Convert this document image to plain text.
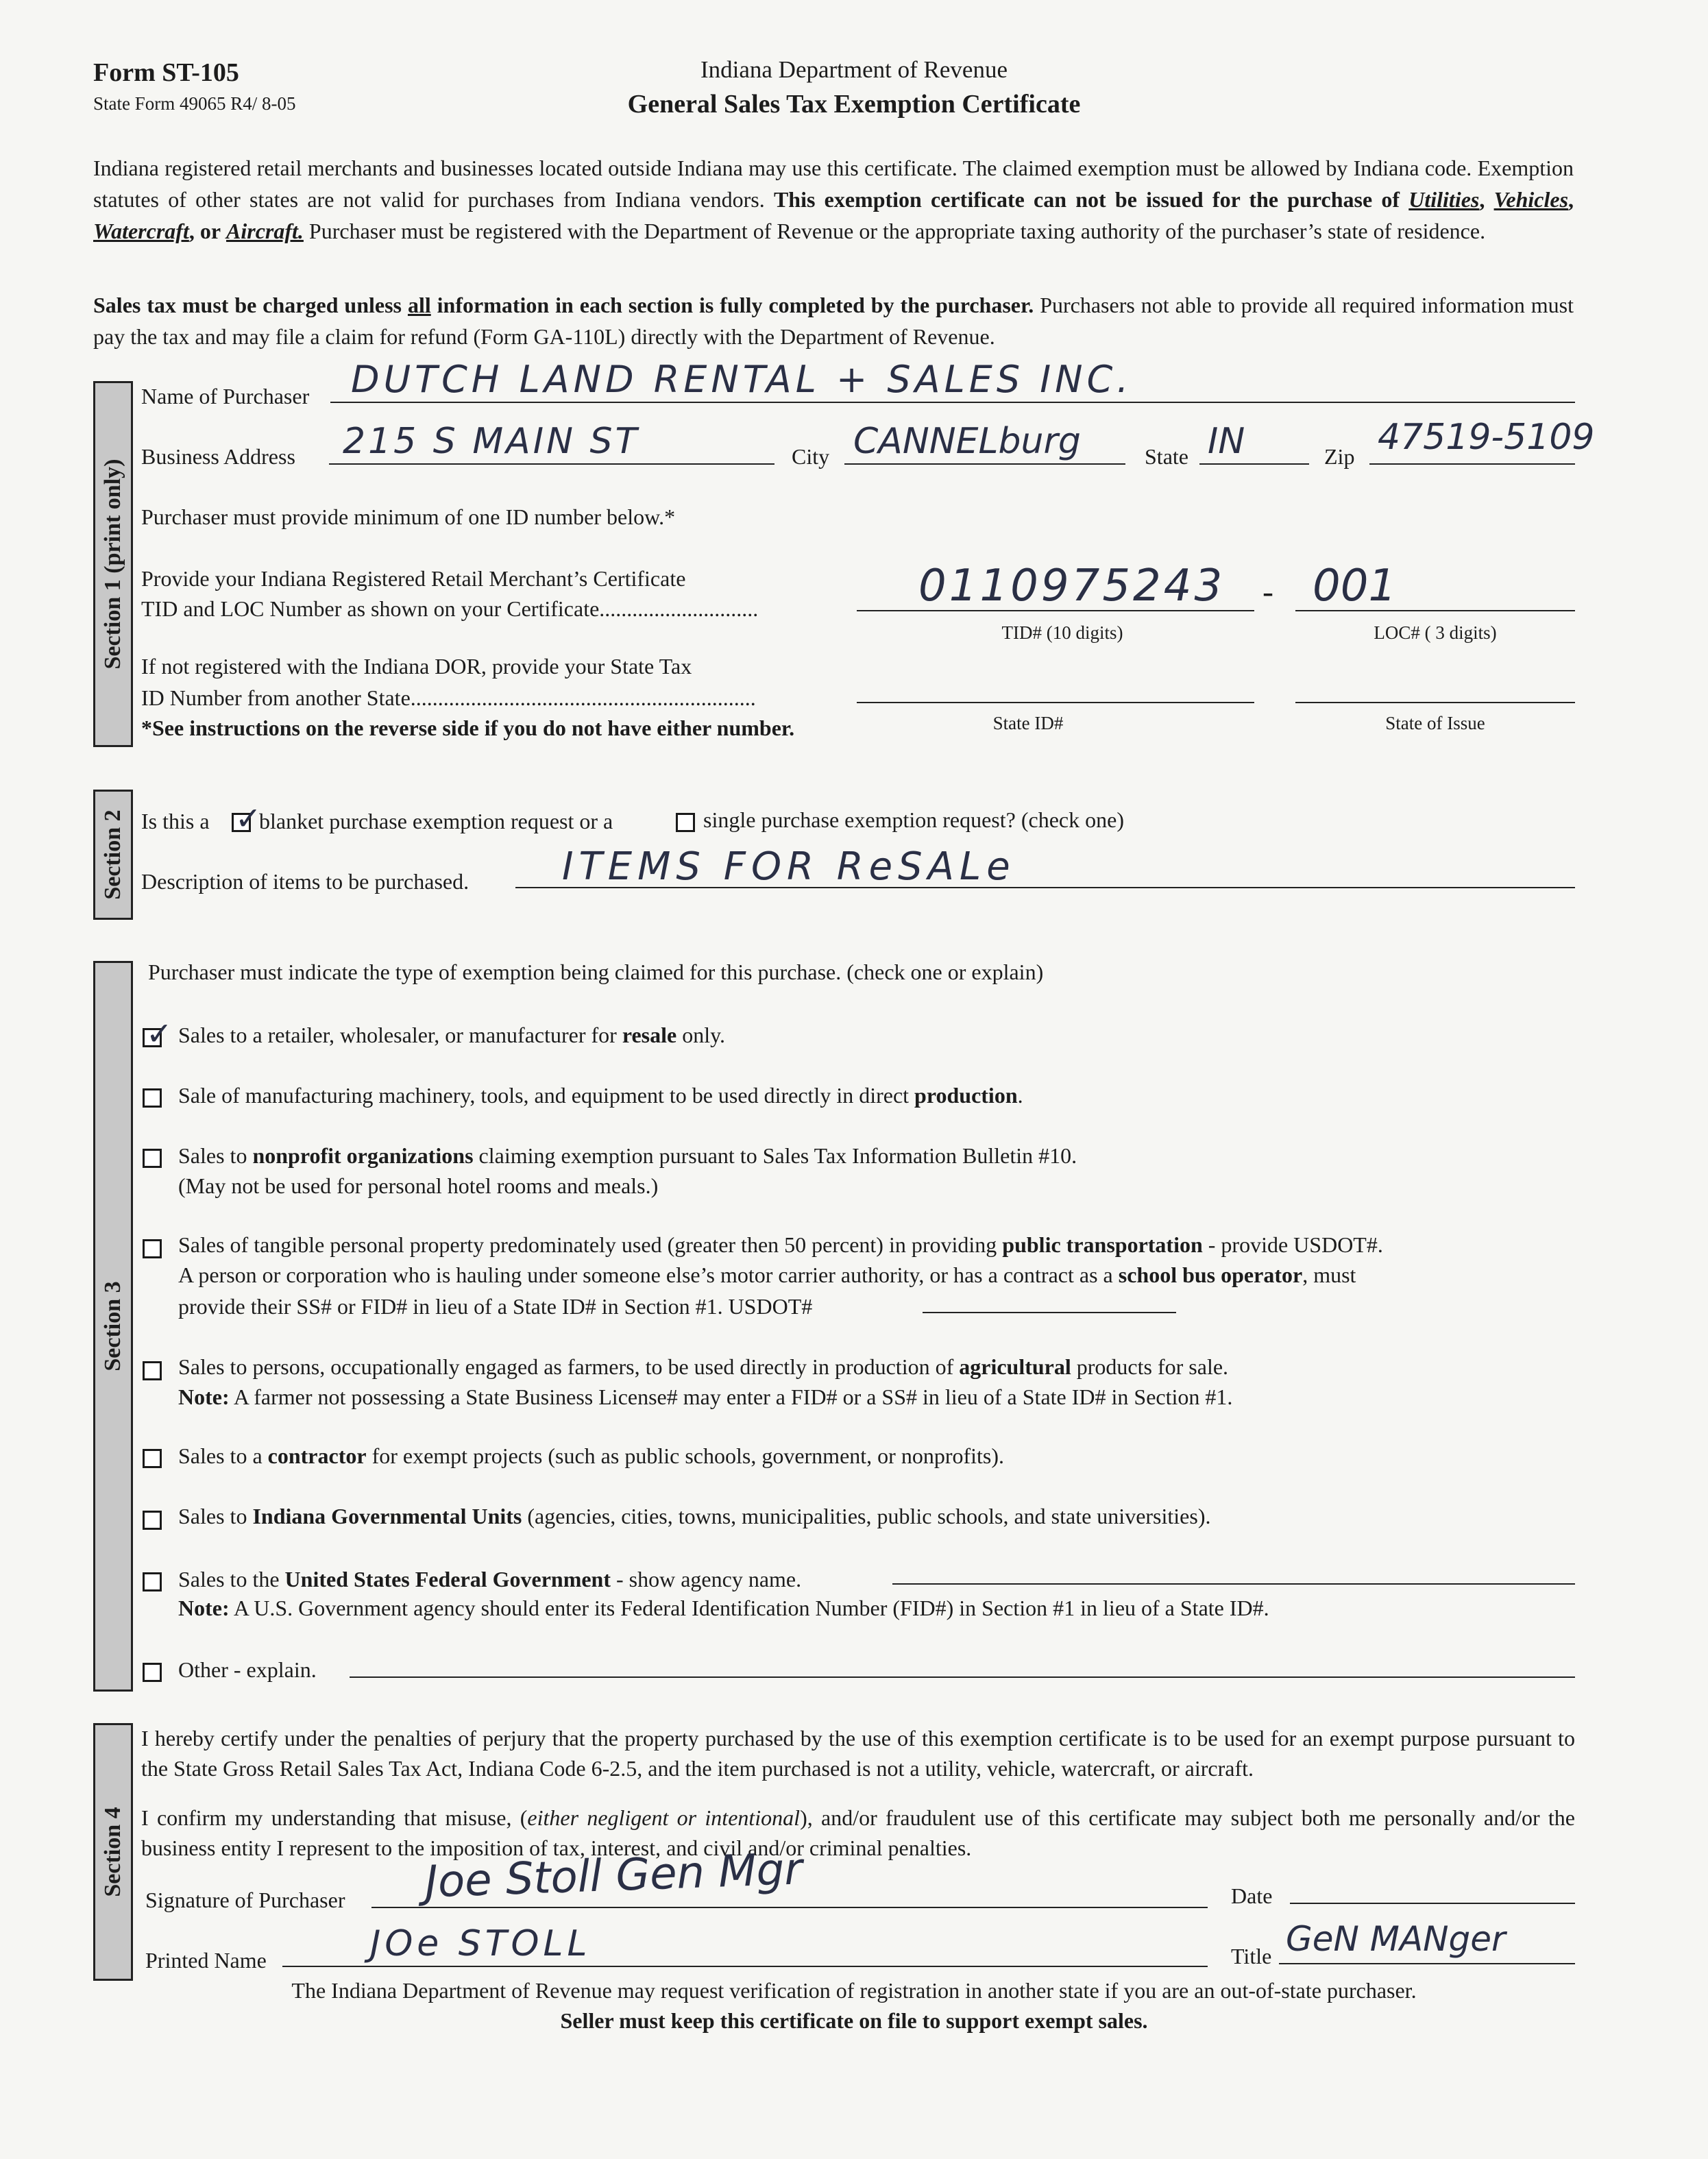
Form ST-105
State Form 49065 R4/ 8-05
Indiana Department of Revenue
General Sales Tax Exemption Certificate
Indiana registered retail merchants and businesses located outside Indiana may use this certificate. The claimed exemption must be allowed by Indiana code. Exemption statutes of other states are not valid for purchases from Indiana vendors. This exemption certificate can not be issued for the purchase of Utilities, Vehicles, Watercraft, or Aircraft. Purchaser must be registered with the Department of Revenue or the appropriate taxing authority of the purchaser’s state of residence.
Sales tax must be charged unless all information in each section is fully completed by the purchaser. Purchasers not able to provide all required information must pay the tax and may file a claim for refund (Form GA-110L) directly with the Department of Revenue.
Section 1 (print only)
Name of Purchaser DUTCH LAND RENTAL + SALES INC.
Business Address 215 S MAIN ST	City CANNELburg	State IN	Zip 47519-5109
Purchaser must provide minimum of one ID number below.*
Provide your Indiana Registered Retail Merchant’s Certificate
TID and LOC Number as shown on your Certificate.............................	0110975243 - 001
TID# (10 digits)	LOC# ( 3 digits)
If not registered with the Indiana DOR, provide your State Tax
ID Number from another State...............................................................
*See instructions on the reverse side if you do not have either number.	State ID#	State of Issue
Section 2 Is this a
✓ blanket purchase exemption request or a	single purchase exemption request? (check one)
Description of items to be purchased. ITEMS FOR ReSALe
Section 3
Purchaser must indicate the type of exemption being claimed for this purchase. (check one or explain)
✓
Sales to a retailer, wholesaler, or manufacturer for resale only.
Sale of manufacturing machinery, tools, and equipment to be used directly in direct production.
Sales to nonprofit organizations claiming exemption pursuant to Sales Tax Information Bulletin #10.
(May not be used for personal hotel rooms and meals.)
Sales of tangible personal property predominately used (greater then 50 percent) in providing public transportation - provide USDOT#.
A person or corporation who is hauling under someone else’s motor carrier authority, or has a contract as a school bus operator, must
provide their SS# or FID# in lieu of a State ID# in Section #1. USDOT#
Sales to persons, occupationally engaged as farmers, to be used directly in production of agricultural products for sale.
Note: A farmer not possessing a State Business License# may enter a FID# or a SS# in lieu of a State ID# in Section #1.
Sales to a contractor for exempt projects (such as public schools, government, or nonprofits).
Sales to Indiana Governmental Units (agencies, cities, towns, municipalities, public schools, and state universities).
Sales to the United States Federal Government - show agency name.
Note: A U.S. Government agency should enter its Federal Identification Number (FID#) in Section #1 in lieu of a State ID#.
Other - explain.
Section 4
I hereby certify under the penalties of perjury that the property purchased by the use of this exemption certificate is to be used for an exempt purpose pursuant to the State Gross Retail Sales Tax Act, Indiana Code 6-2.5, and the item purchased is not a utility, vehicle, watercraft, or aircraft.
I confirm my understanding that misuse, (either negligent or intentional), and/or fraudulent use of this certificate may subject both me personally and/or the business entity I represent to the imposition of tax, interest, and civil and/or criminal penalties.
Signature of Purchaser Joe Stoll Gen Mgr	Date
Printed Name	JOe STOLL	Title GeN MANger
The Indiana Department of Revenue may request verification of registration in another state if you are an out-of-state purchaser.
Seller must keep this certificate on file to support exempt sales.
